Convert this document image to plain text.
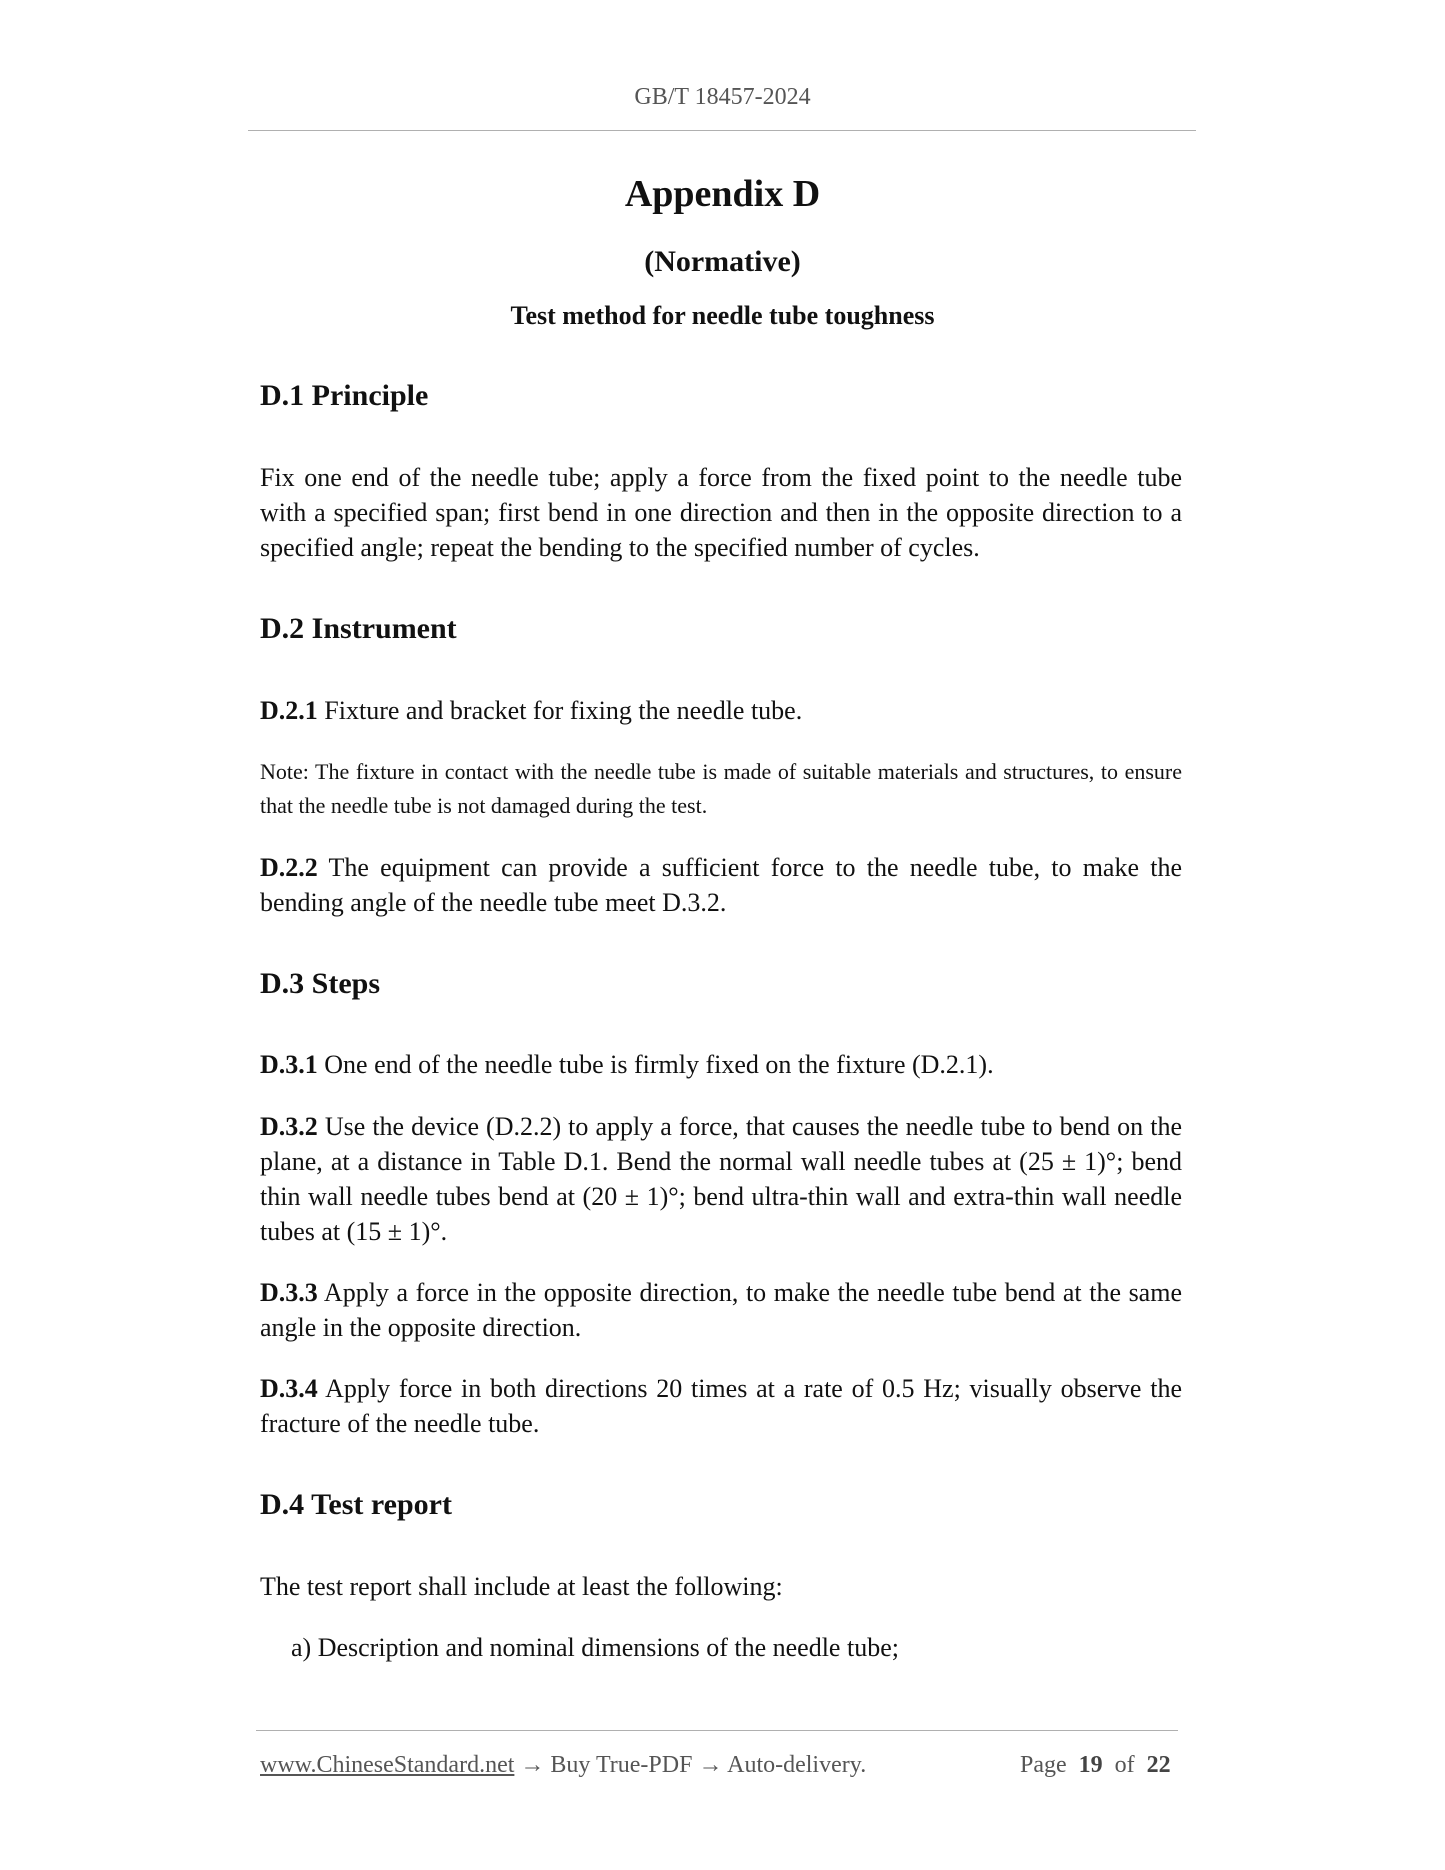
GB/T 18457-2024
Appendix D
(Normative)
Test method for needle tube toughness
D.1 Principle
Fix one end of the needle tube; apply a force from the fixed point to the needle tube with a specified span; first bend in one direction and then in the opposite direction to a specified angle; repeat the bending to the specified number of cycles.
D.2 Instrument
D.2.1 Fixture and bracket for fixing the needle tube.
Note: The fixture in contact with the needle tube is made of suitable materials and structures, to ensure that the needle tube is not damaged during the test.
D.2.2 The equipment can provide a sufficient force to the needle tube, to make the bending angle of the needle tube meet D.3.2.
D.3 Steps
D.3.1 One end of the needle tube is firmly fixed on the fixture (D.2.1).
D.3.2 Use the device (D.2.2) to apply a force, that causes the needle tube to bend on the plane, at a distance in Table D.1. Bend the normal wall needle tubes at (25 ± 1)°; bend thin wall needle tubes bend at (20 ± 1)°; bend ultra-thin wall and extra-thin wall needle tubes at (15 ± 1)°.
D.3.3 Apply a force in the opposite direction, to make the needle tube bend at the same angle in the opposite direction.
D.3.4 Apply force in both directions 20 times at a rate of 0.5 Hz; visually observe the fracture of the needle tube.
D.4 Test report
The test report shall include at least the following:
a) Description and nominal dimensions of the needle tube;
www.ChineseStandard.net → Buy True-PDF → Auto-delivery.	Page 19 of 22
